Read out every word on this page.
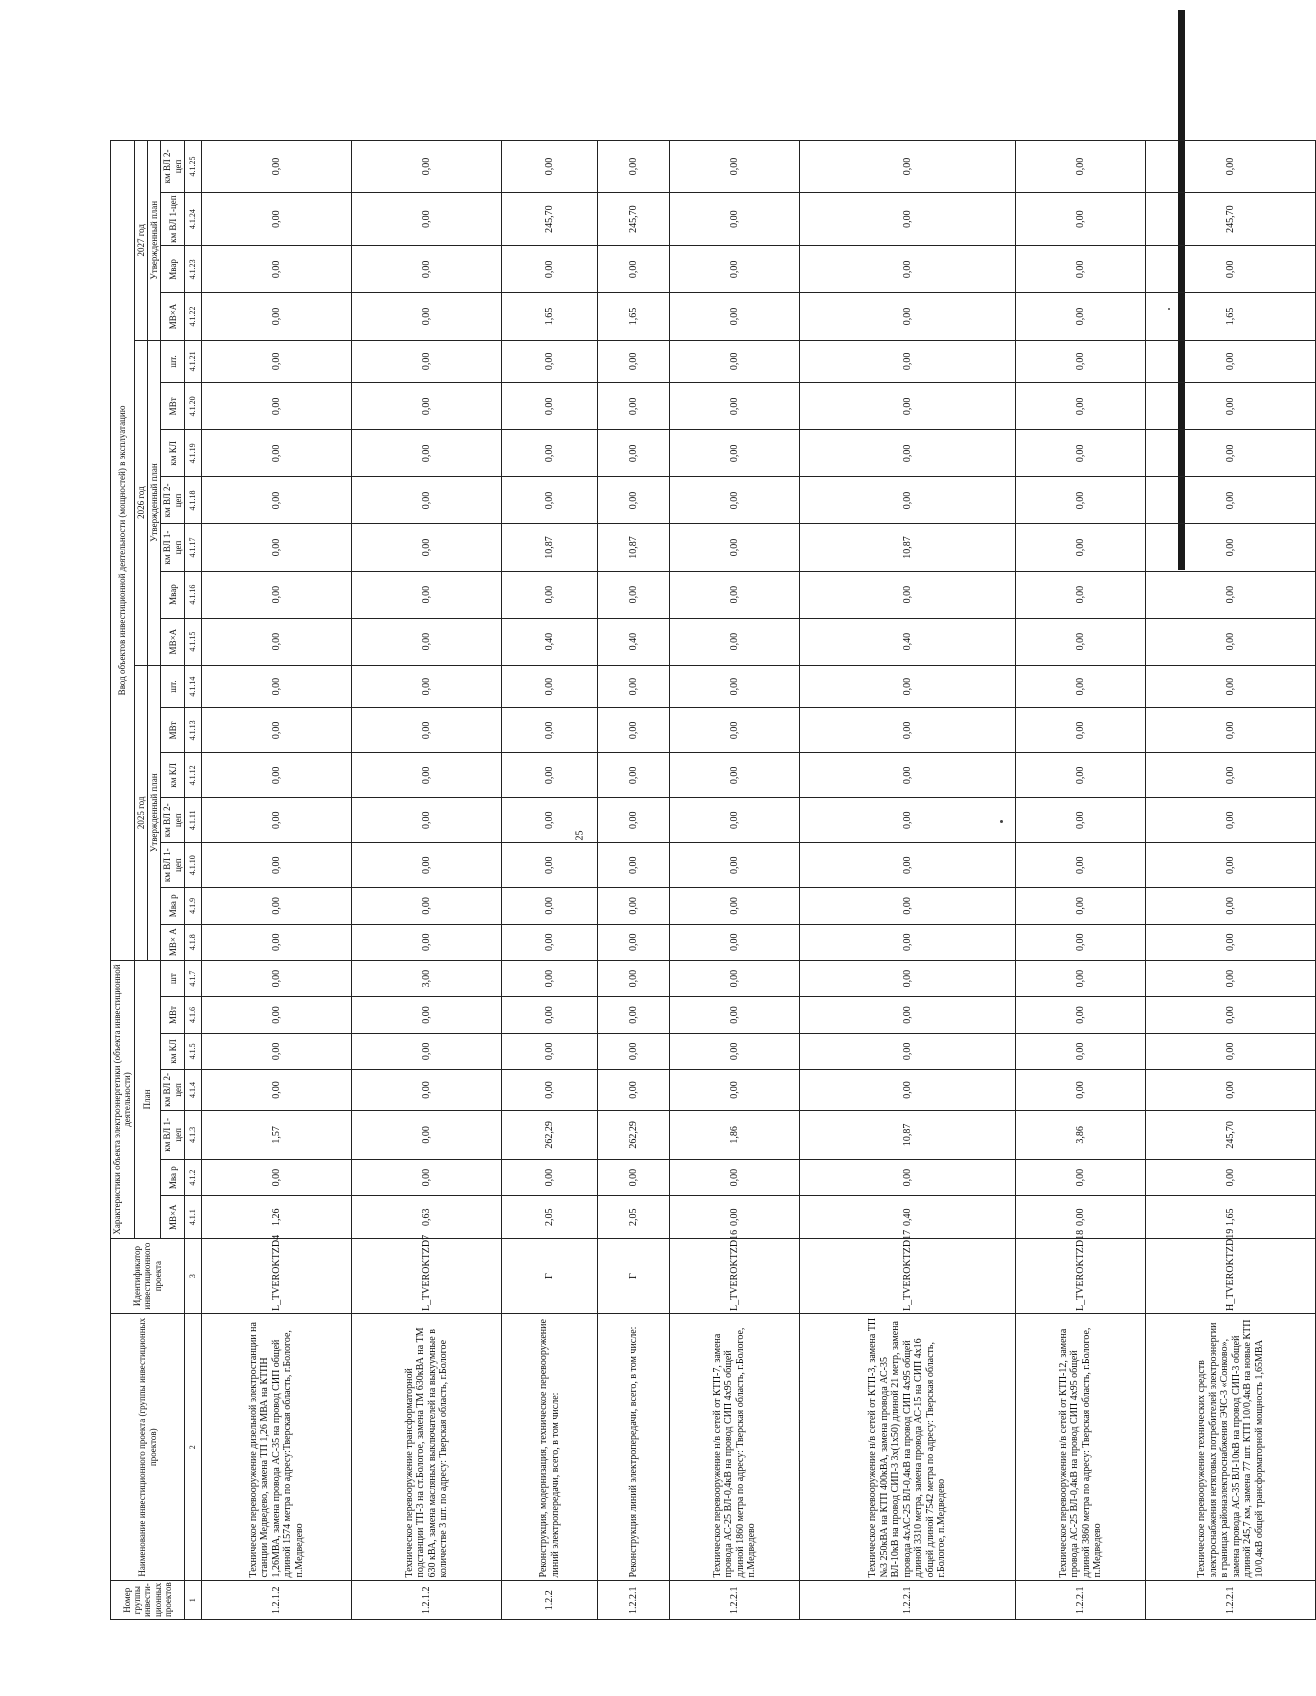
25
Номер группы инвести-ционных проектов	Наименование инвестиционного проекта (группы инвестиционных проектов)	Идентификатор инвестиционного проекта	Характеристики объекта электроэнергетики (объекта инвестиционной деятельности)							Ввод объектов инвестиционной деятельности (мощностей) в эксплуатацию																	
			План							2025 год							2026 год							2027 год			
										Утвержденный план							Утвержденный план							Утвержденный план			
			МВ×А	Мва р	км ВЛ 1-цеп	км ВЛ 2-цеп	км КЛ	МВт	шт	МВ× А	Мва р	км ВЛ 1-цеп	км ВЛ 2-цеп	км КЛ	МВт	шт.	МВ×А	Мвар	км ВЛ 1-цеп	км ВЛ 2-цеп	км КЛ	МВт	шт.	МВ×А	Мвар	км ВЛ 1-цеп	км ВЛ 2-цеп
1	2	3	4.1.1	4.1.2	4.1.3	4.1.4	4.1.5	4.1.6	4.1.7	4.1.8	4.1.9	4.1.10	4.1.11	4.1.12	4.1.13	4.1.14	4.1.15	4.1.16	4.1.17	4.1.18	4.1.19	4.1.20	4.1.21	4.1.22	4.1.23	4.1.24	4.1.25
1.2.1.2	Техническое перевооружение дизельной электростанции на станции Медведево, замена ТП 1,26 МВА на КТПН 1,26МВА, замена провода АС-35 на провод СИП общей длиной 1574 метра по адресу:Тверская область, г.Бологое, п.Медведево	L_TVEROKTZD4	1,26	0,00	1,57	0,00	0,00	0,00	0,00	0,00	0,00	0,00	0,00	0,00	0,00	0,00	0,00	0,00	0,00	0,00	0,00	0,00	0,00	0,00	0,00	0,00	0,00
1.2.1.2	Техническое перевооружение трансформаторной подстанции ТП-3 на ст.Бологое, замена ТМ 630кВА на ТМ 630 кВА, замена масляных выключателей на выкуумные в количестве 3 шт. по адресу: Тверская область, г.Бологое	L_TVEROKTZD7	0,63	0,00	0,00	0,00	0,00	0,00	3,00	0,00	0,00	0,00	0,00	0,00	0,00	0,00	0,00	0,00	0,00	0,00	0,00	0,00	0,00	0,00	0,00	0,00	0,00
1.2.2	Реконструкция, модернизация, техническое перевооружение линий электропередачи, всего, в том числе:	Г	2,05	0,00	262,29	0,00	0,00	0,00	0,00	0,00	0,00	0,00	0,00	0,00	0,00	0,00	0,40	0,00	10,87	0,00	0,00	0,00	0,00	1,65	0,00	245,70	0,00
1.2.2.1	Реконструкция линий электропередачи, всего, в том числе:	Г	2,05	0,00	262,29	0,00	0,00	0,00	0,00	0,00	0,00	0,00	0,00	0,00	0,00	0,00	0,40	0,00	10,87	0,00	0,00	0,00	0,00	1,65	0,00	245,70	0,00
1.2.2.1	Техническое перевооружение н/в сетей от КТП-7, замена провода АС-25 ВЛ-0,4кВ на провод СИП 4х95 общей длиной 1860 метра по адресу: Тверская область, г.Бологое, п.Медведево	L_TVEROKTZD16	0,00	0,00	1,86	0,00	0,00	0,00	0,00	0,00	0,00	0,00	0,00	0,00	0,00	0,00	0,00	0,00	0,00	0,00	0,00	0,00	0,00	0,00	0,00	0,00	0,00
1.2.2.1	Техническое перевооружение н/в сетей от КТП-3, замена ТП №3 250кВА на КТП 400кВА, замена провода АС-35 ВЛ-10кВ на провод СИП-3 3х(1х50) длиной 21 метр, замена провода 4хАС-25 ВЛ-0,4кВ на провод СИП 4х95 общей длиной 3310 метра, замена провода АС-15 на СИП 4х16 общей длиной 7542 метра по адресу: Тверская область, г.Бологое, п.Медведево	L_TVEROKTZD17	0,40	0,00	10,87	0,00	0,00	0,00	0,00	0,00	0,00	0,00	0,00	0,00	0,00	0,00	0,40	0,00	10,87	0,00	0,00	0,00	0,00	0,00	0,00	0,00	0,00
1.2.2.1	Техническое перевооружение н/в сетей от КТП-12, замена провода АС-25 ВЛ-0,4кВ на провод СИП 4х95 общей длиной 3860 метра по адресу: Тверская область, г.Бологое, п.Медведево	L_TVEROKTZD18	0,00	0,00	3,86	0,00	0,00	0,00	0,00	0,00	0,00	0,00	0,00	0,00	0,00	0,00	0,00	0,00	0,00	0,00	0,00	0,00	0,00	0,00	0,00	0,00	0,00
1.2.2.1	Техническое перевооружение технических средств электроснабжения нетяговых потребителей электроэнергии в границах районаэлектроснабжения ЭЧС-3 «Сонково», замена провода АС-35 ВЛ-10кВ на провод СИП-3 общей длиной 245,7 км, замена 77 шт. КТП 10/0,4кВ на новые КТП 10/0,4кВ общей трансформаторной мощность 1,65МВА	H_TVEROKTZD19	1,65	0,00	245,70	0,00	0,00	0,00	0,00	0,00	0,00	0,00	0,00	0,00	0,00	0,00	0,00	0,00	0,00	0,00	0,00	0,00	0,00	1,65	0,00	245,70	0,00
